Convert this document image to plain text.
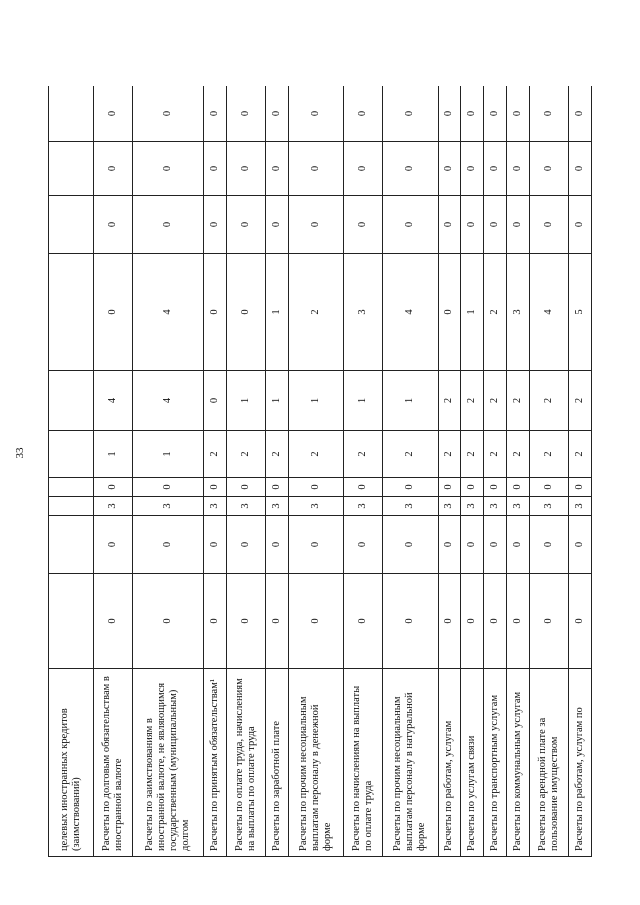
33
целевых иностранных кредитов (заимствований)										
Расчеты по долговым обязательствам в иностранной валюте	0	0	3	0	1	4	0	0	0	0
Расчеты по заимствованиям в иностранной валюте, не являющимся государственным (муниципальным) долгом	0	0	3	0	1	4	4	0	0	0
Расчеты по принятым обязательствам¹	0	0	3	0	2	0	0	0	0	0
Расчеты по оплате труда, начислениям на выплаты по оплате труда	0	0	3	0	2	1	0	0	0	0
Расчеты по заработной плате	0	0	3	0	2	1	1	0	0	0
Расчеты по прочим несоциальным выплатам персоналу в денежной форме	0	0	3	0	2	1	2	0	0	0
Расчеты по начислениям на выплаты по оплате труда	0	0	3	0	2	1	3	0	0	0
Расчеты по прочим несоциальным выплатам персоналу в натуральной форме	0	0	3	0	2	1	4	0	0	0
Расчеты по работам, услугам	0	0	3	0	2	2	0	0	0	0
Расчеты по услугам связи	0	0	3	0	2	2	1	0	0	0
Расчеты по транспортным услугам	0	0	3	0	2	2	2	0	0	0
Расчеты по коммунальным услугам	0	0	3	0	2	2	3	0	0	0
Расчеты по арендной плате за пользование имуществом	0	0	3	0	2	2	4	0	0	0
Расчеты по работам, услугам по	0	0	3	0	2	2	5	0	0	0
